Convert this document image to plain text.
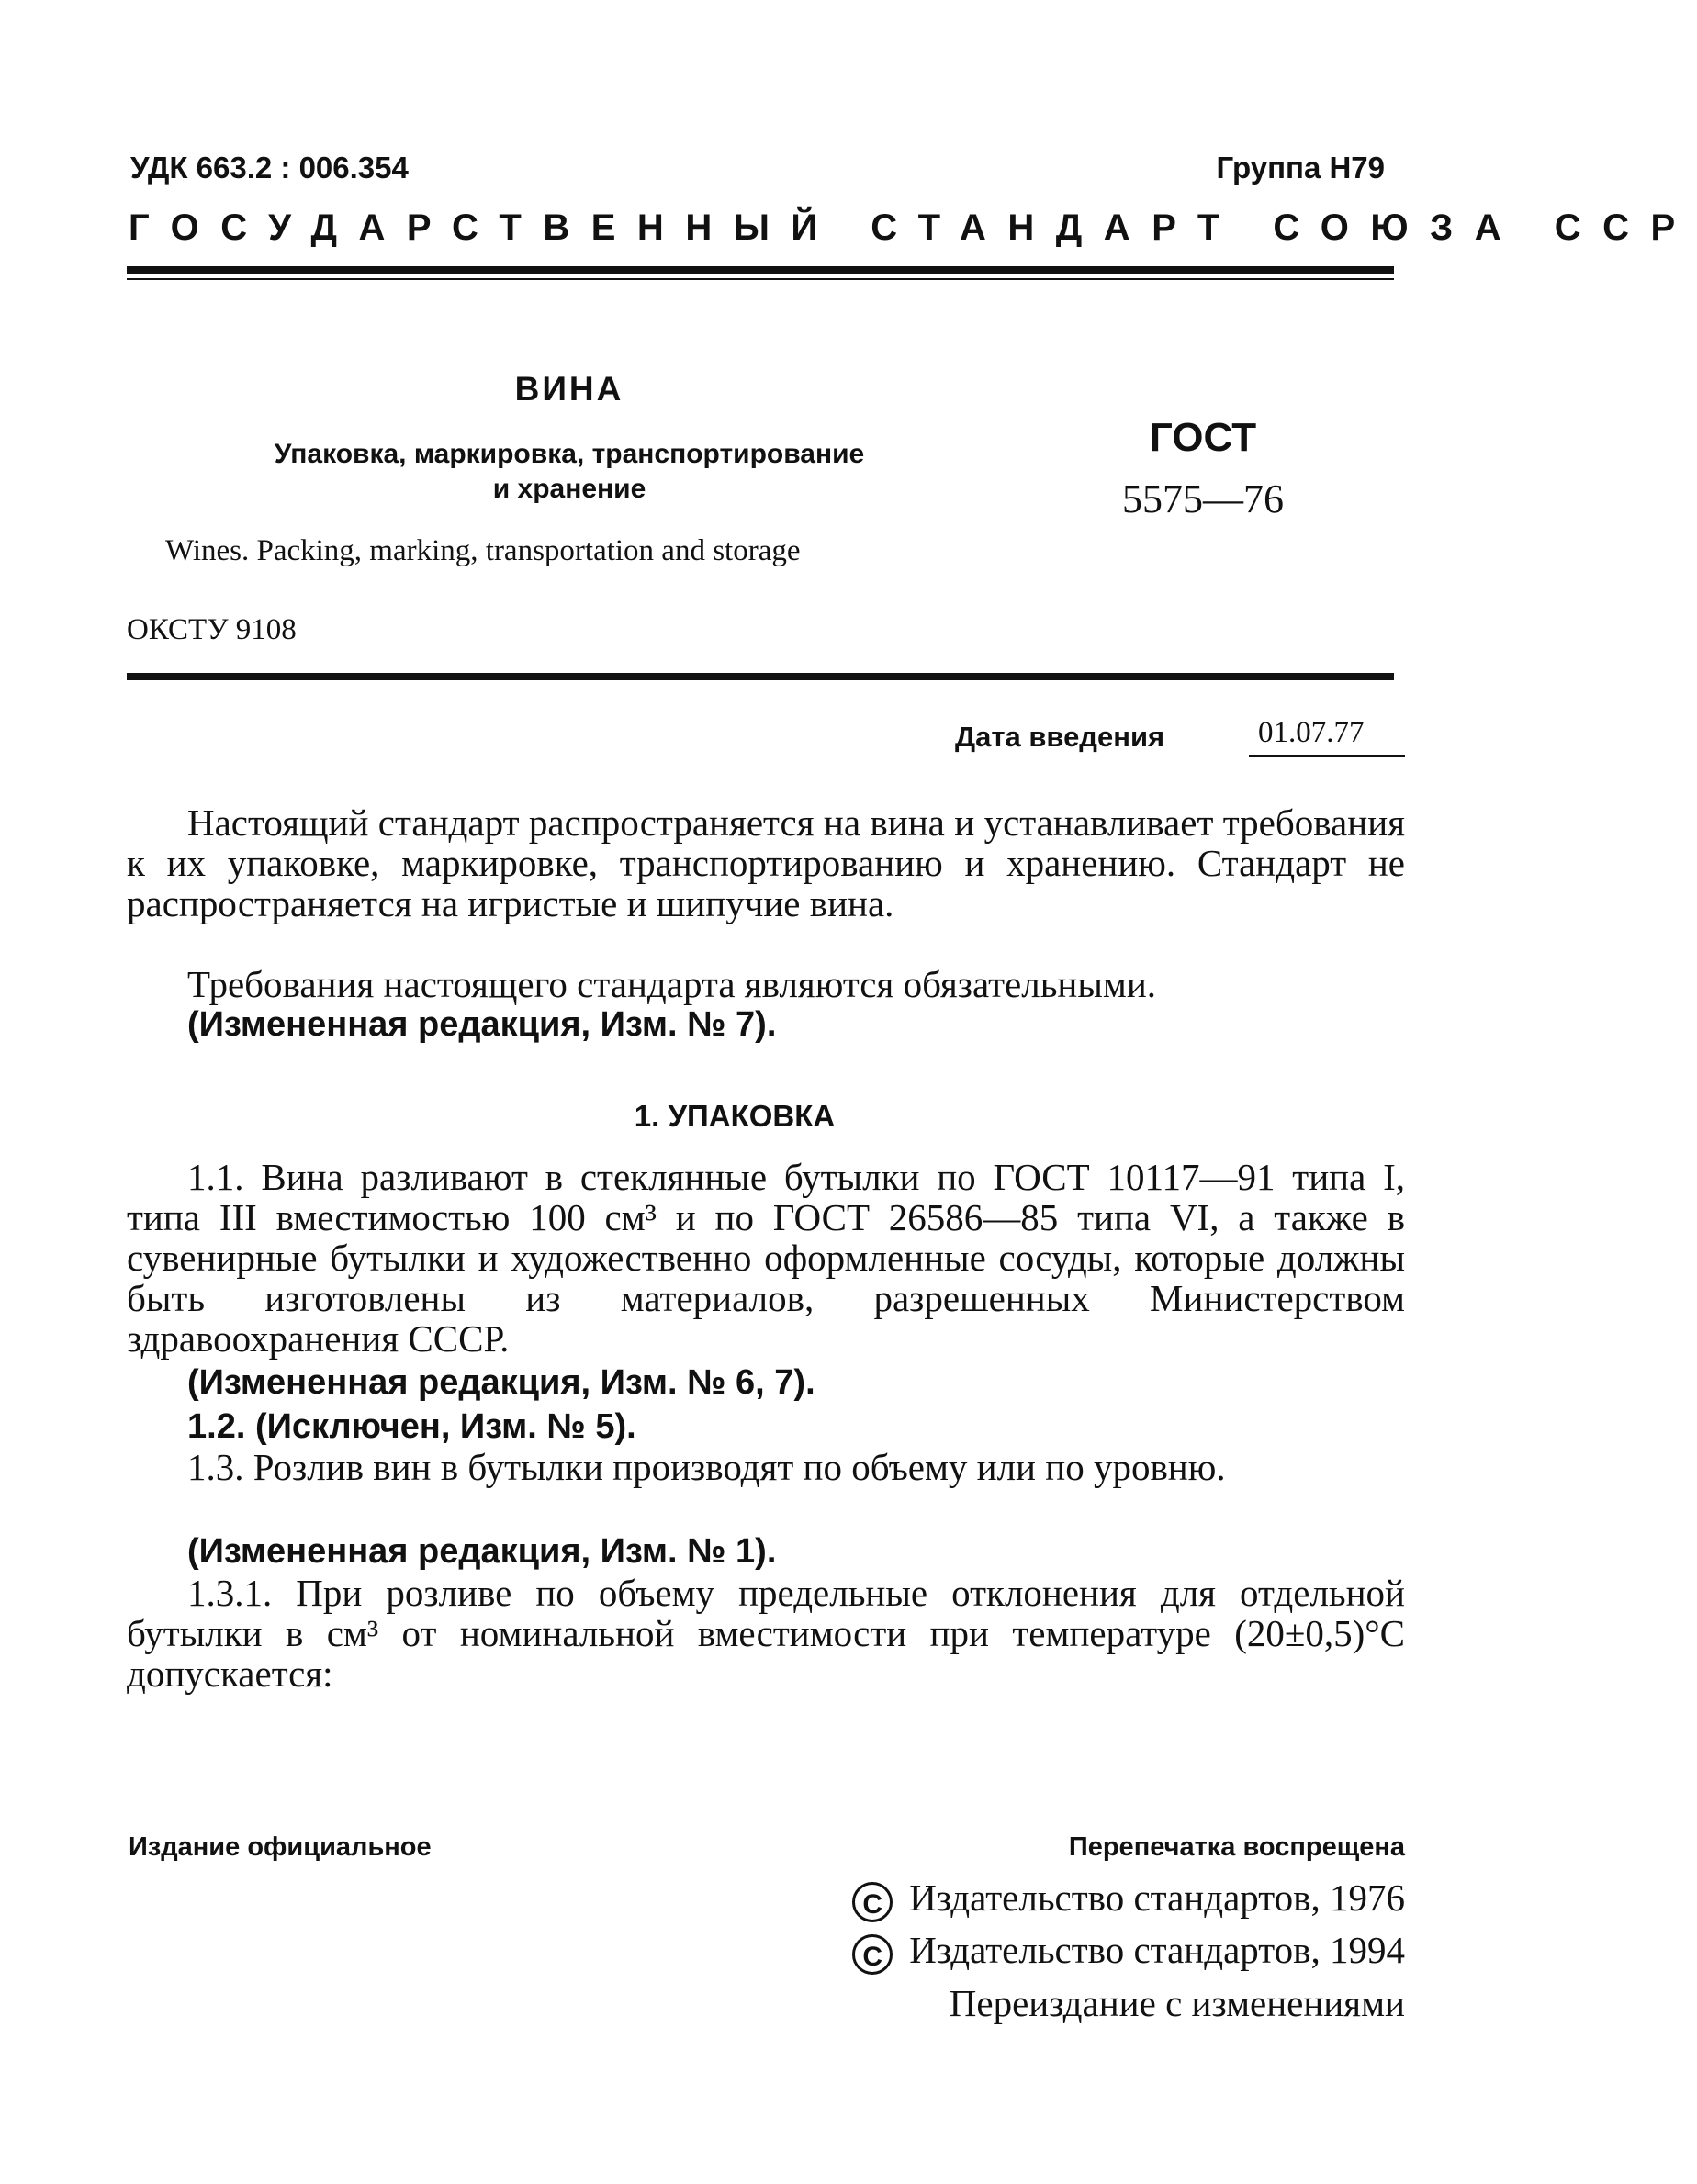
УДК 663.2 : 006.354	Группа Н79
ГОСУДАРСТВЕННЫЙ СТАНДАРТ СОЮЗА ССР
ВИНА
Упаковка, маркировка, транспортирование
и хранение
ГОСТ
5575—76
Wines. Packing, marking, transportation and storage
ОКСТУ 9108
Дата введения	01.07.77
Настоящий стандарт распространяется на вина и устанавливает требования к их упаковке, маркировке, транспортированию и хранению. Стандарт не распространяется на игристые и шипучие вина.
Требования настоящего стандарта являются обязательными.
(Измененная редакция, Изм. № 7).
1. УПАКОВКА
1.1. Вина разливают в стеклянные бутылки по ГОСТ 10117—91 типа I, типа III вместимостью 100 см³ и по ГОСТ 26586—85 типа VI, а также в сувенирные бутылки и художественно оформленные сосуды, которые должны быть изготовлены из материалов, разрешенных Министерством здравоохранения СССР.
(Измененная редакция, Изм. № 6, 7).
1.2. (Исключен, Изм. № 5).
1.3. Розлив вин в бутылки производят по объему или по уровню.
(Измененная редакция, Изм. № 1).
1.3.1. При розливе по объему предельные отклонения для отдельной бутылки в см³ от номинальной вместимости при температуре (20±0,5)°С допускается:
Издание официальное	Перепечатка воспрещена
C Издательство стандартов, 1976
C Издательство стандартов, 1994
Переиздание с изменениями
